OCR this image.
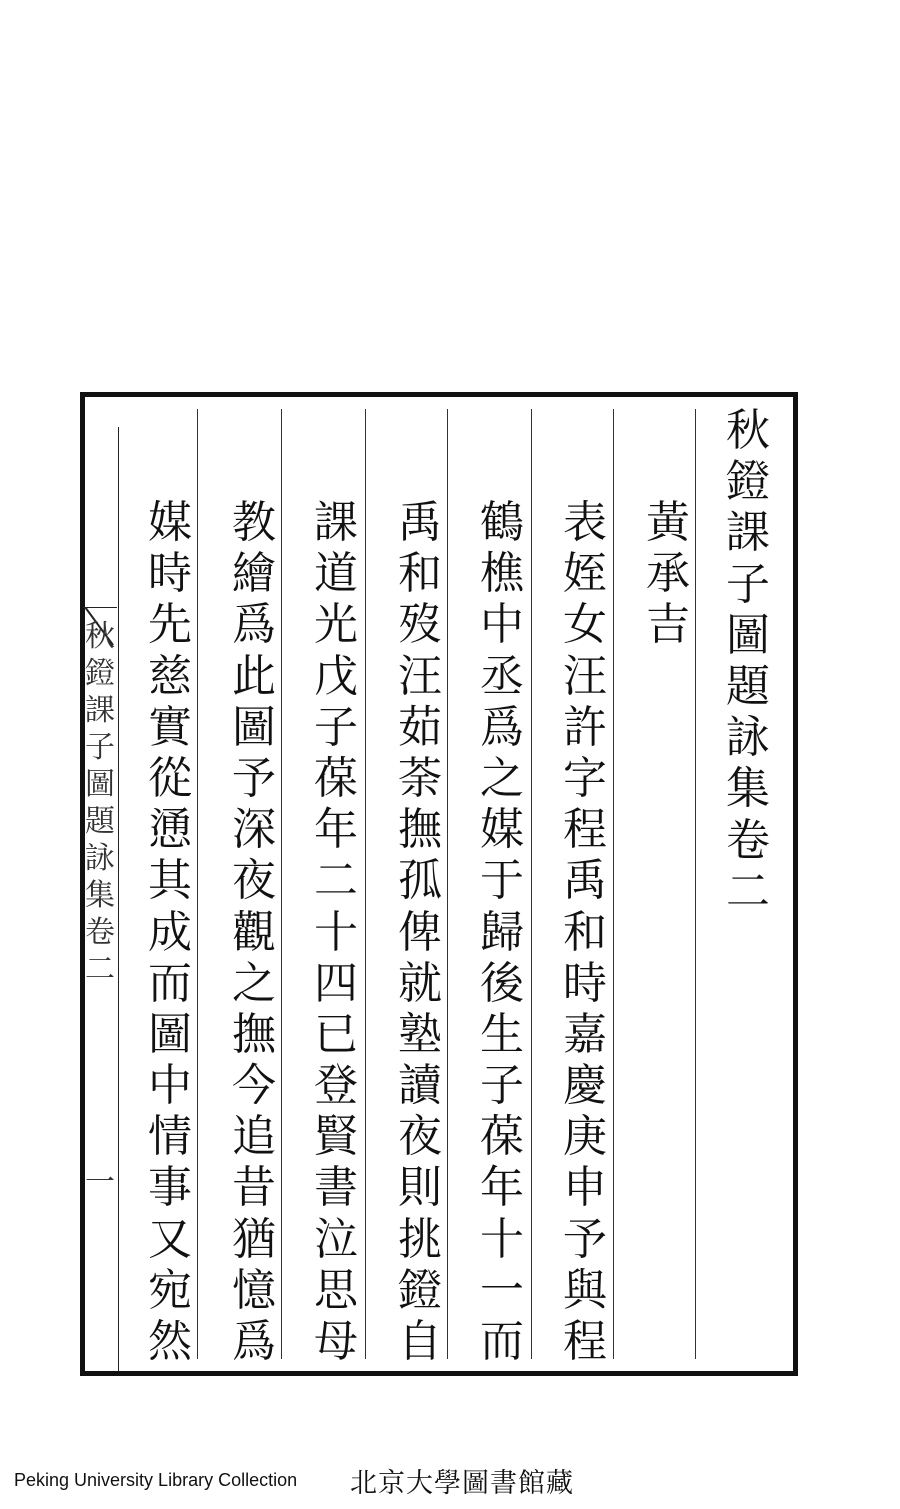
秋
鐙
課
子
圖
題
詠
集
卷
二
一
秋
鐙
課
子
圖
題
詠
集
卷
二
黃
承
吉
表
姪
女
汪
許
字
程
禹
和
時
嘉
慶
庚
申
予
與
程
鶴
樵
中
丞
爲
之
媒
于
歸
後
生
子
葆
年
十
一
而
禹
和
歿
汪
茹
荼
撫
孤
俾
就
塾
讀
夜
則
挑
鐙
自
課
道
光
戊
子
葆
年
二
十
四
已
登
賢
書
泣
思
母
教
繪
爲
此
圖
予
深
夜
觀
之
撫
今
追
昔
猶
憶
爲
媒
時
先
慈
實
從
慂
其
成
而
圖
中
情
事
又
宛
然
Peking University Library Collection 北京大學圖書館藏
